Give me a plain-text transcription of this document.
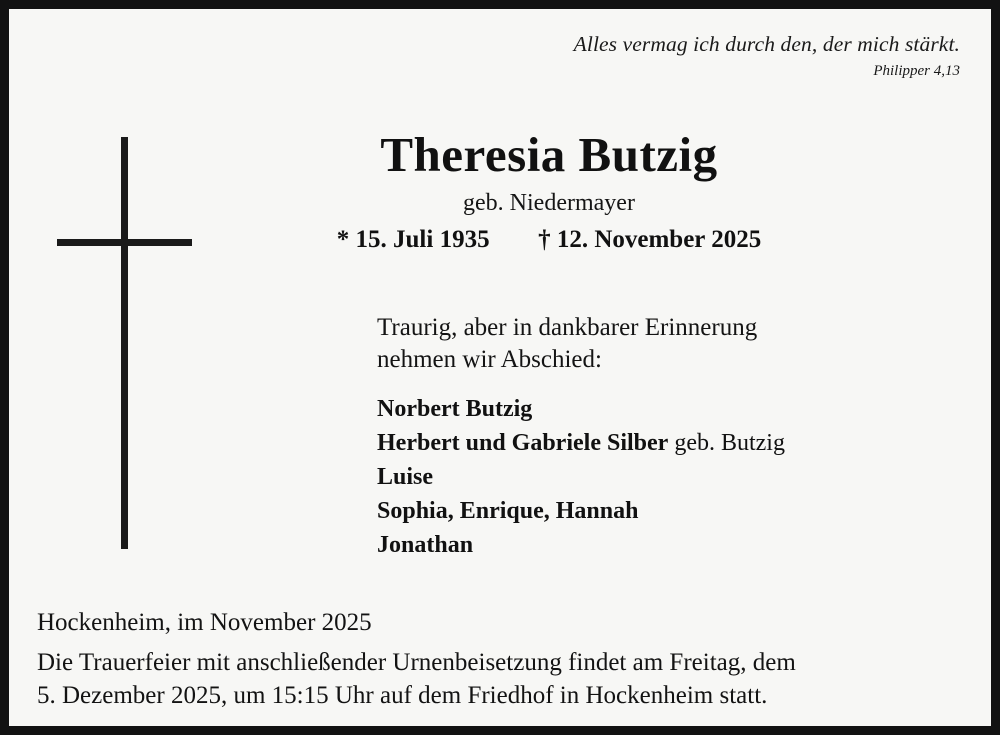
Alles vermag ich durch den, der mich stärkt.
Philipper 4,13
Theresia Butzig
geb. Niedermayer
* 15. Juli 1935 † 12. November 2025
Traurig, aber in dankbarer Erinnerung
nehmen wir Abschied:
Norbert Butzig
Herbert und Gabriele Silber geb. Butzig
Luise
Sophia, Enrique, Hannah
Jonathan
Hockenheim, im November 2025
Die Trauerfeier mit anschließender Urnenbeisetzung findet am Freitag, dem
5. Dezember 2025, um 15:15 Uhr auf dem Friedhof in Hockenheim statt.
